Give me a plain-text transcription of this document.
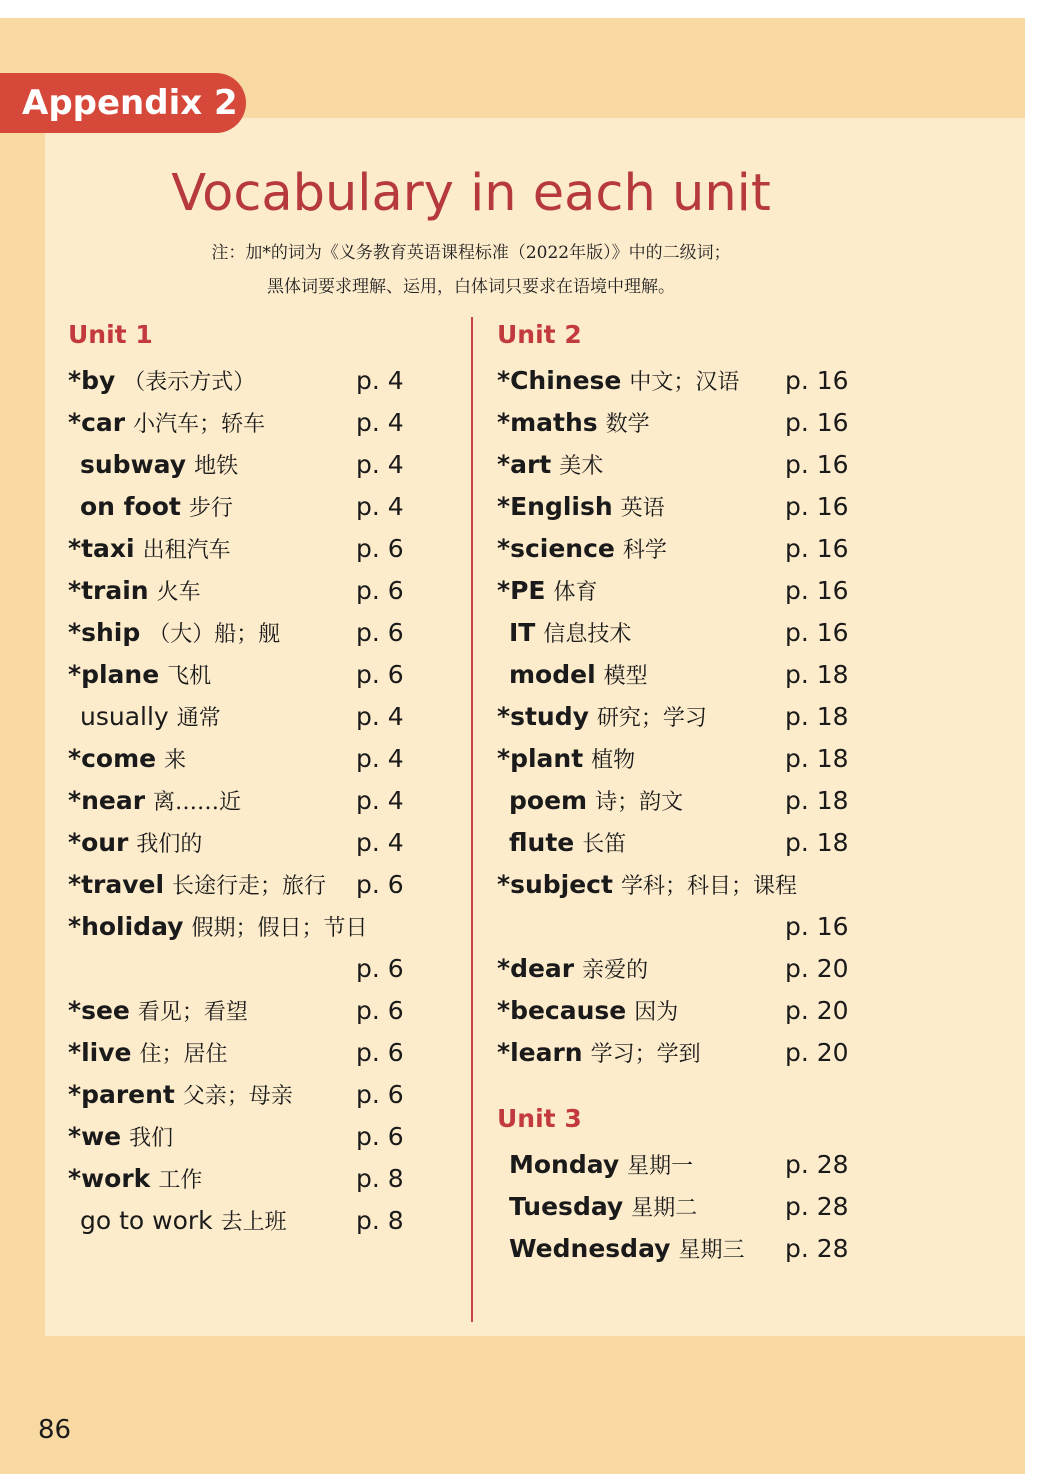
Appendix 2
Vocabulary in each unit
注：加*的词为《义务教育英语课程标准（2022年版）》中的二级词；
黑体词要求理解、运用，白体词只要求在语境中理解。
Unit 1
*by （表示方式）	p. 4
*car 小汽车；轿车	p. 4
subway 地铁	p. 4
on foot 步行	p. 4
*taxi 出租汽车	p. 6
*train 火车	p. 6
*ship （大）船；舰	p. 6
*plane 飞机	p. 6
usually 通常	p. 4
*come 来	p. 4
*near 离……近	p. 4
*our 我们的	p. 4
*travel 长途行走；旅行 p. 6
*holiday 假期；假日；节日
p. 6
*see 看见；看望	p. 6
*live 住；居住	p. 6
*parent 父亲；母亲	p. 6
*we 我们	p. 6
*work 工作	p. 8
go to work 去上班	p. 8
Unit 2
*Chinese 中文；汉语 p. 16
*maths 数学	p. 16
*art 美术	p. 16
*English 英语	p. 16
*science 科学	p. 16
*PE 体育	p. 16
IT 信息技术	p. 16
model 模型	p. 18
*study 研究；学习	p. 18
*plant 植物	p. 18
poem 诗；韵文	p. 18
flute 长笛	p. 18
*subject 学科；科目；课程
p. 16
*dear 亲爱的	p. 20
*because 因为	p. 20
*learn 学习；学到	p. 20
Unit 3
Monday 星期一	p. 28
Tuesday 星期二	p. 28
Wednesday 星期三 p. 28
86
